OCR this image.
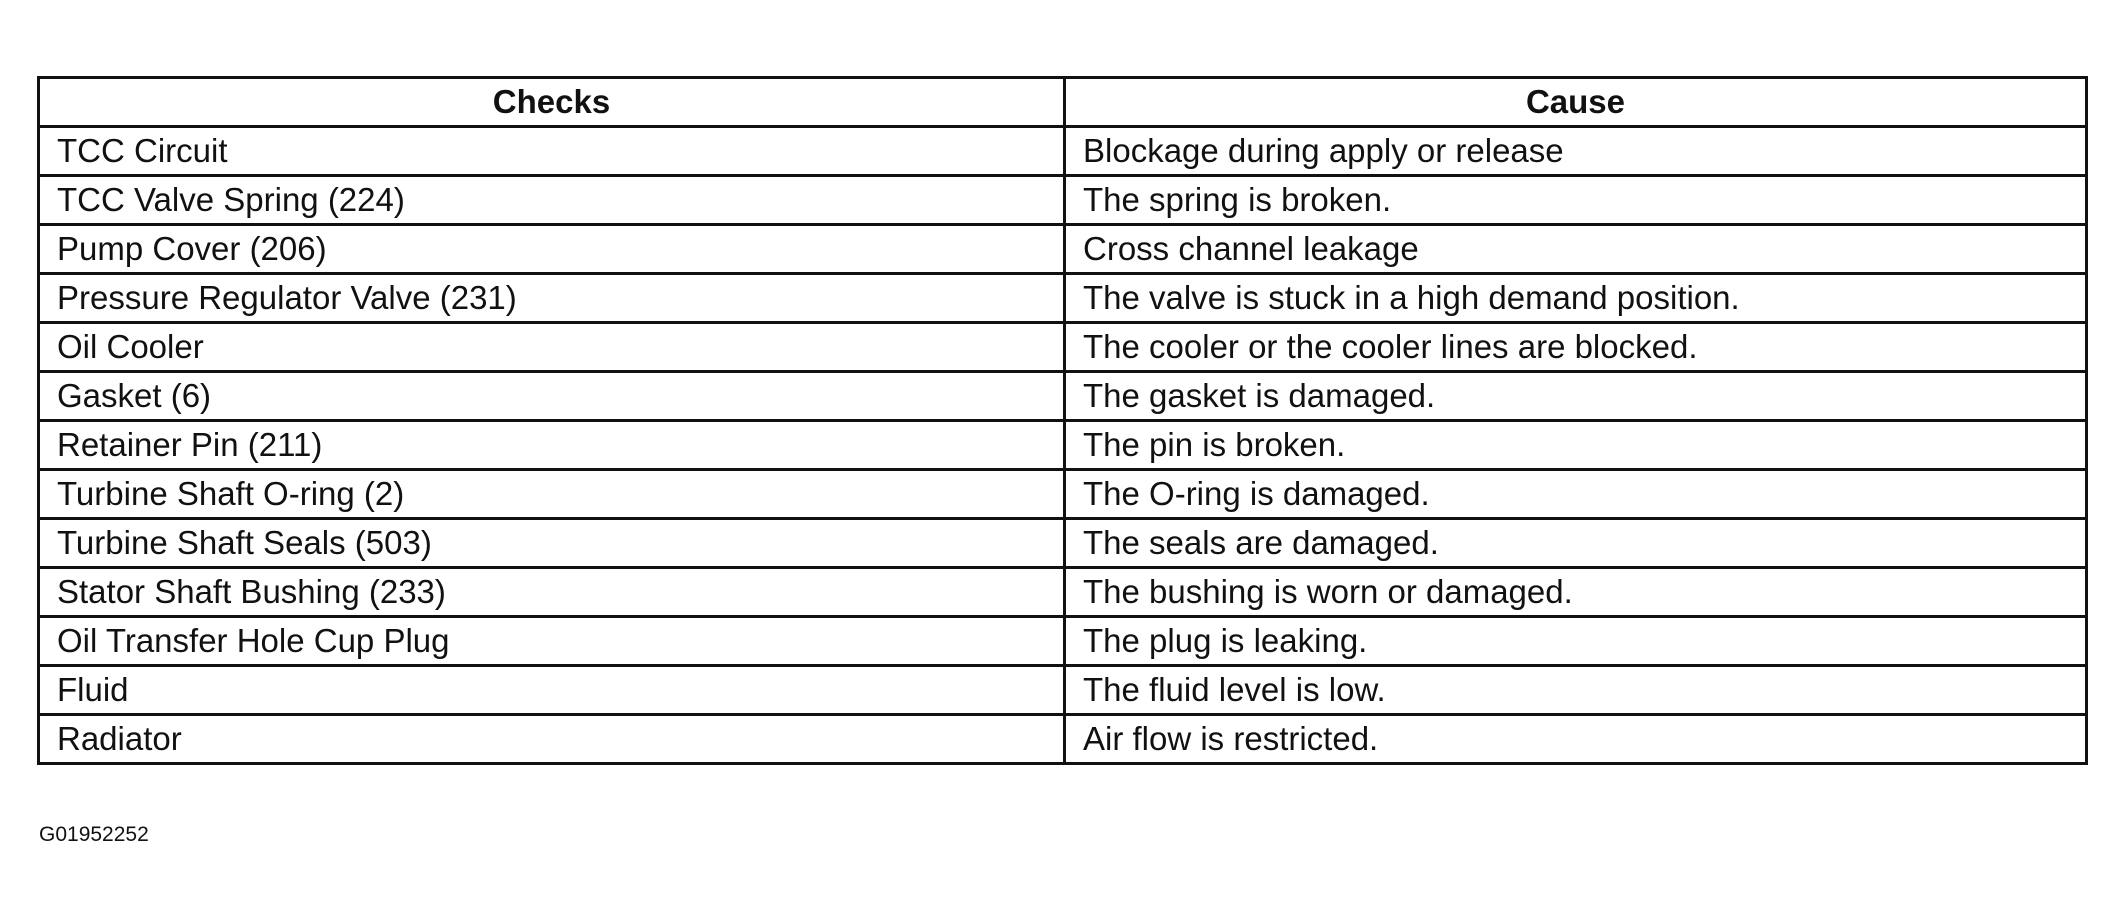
Checks	Cause
TCC Circuit	Blockage during apply or release
TCC Valve Spring (224)	The spring is broken.
Pump Cover (206)	Cross channel leakage
Pressure Regulator Valve (231)	The valve is stuck in a high demand position.
Oil Cooler	The cooler or the cooler lines are blocked.
Gasket (6)	The gasket is damaged.
Retainer Pin (211)	The pin is broken.
Turbine Shaft O-ring (2)	The O-ring is damaged.
Turbine Shaft Seals (503)	The seals are damaged.
Stator Shaft Bushing (233)	The bushing is worn or damaged.
Oil Transfer Hole Cup Plug	The plug is leaking.
Fluid	The fluid level is low.
Radiator	Air flow is restricted.
G01952252
